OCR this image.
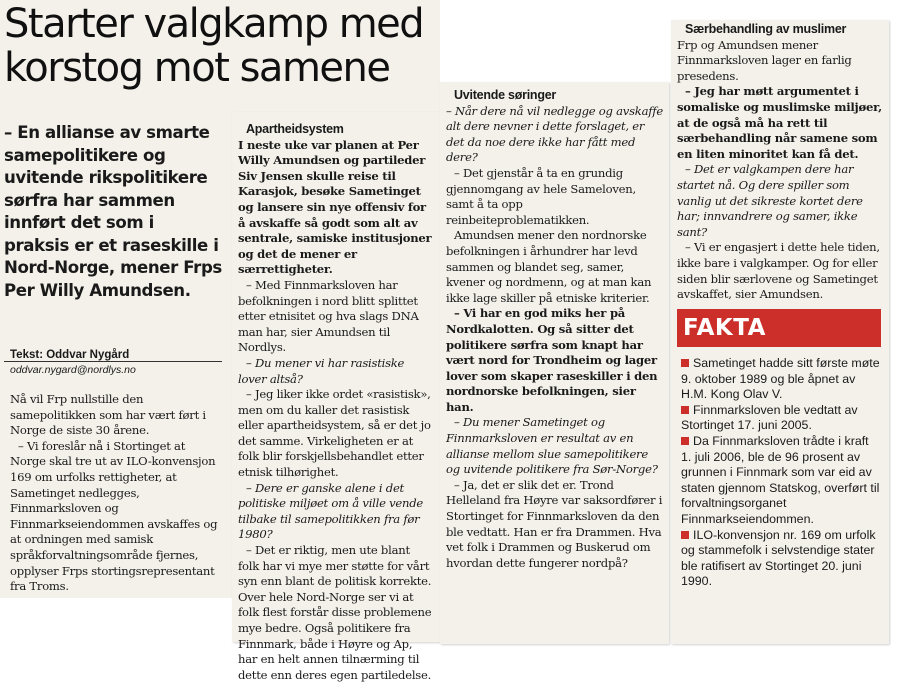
Starter valgkamp med korstog mot samene

– En allianse av smarte samepolitikere og uvitende rikspolitikere sørfra har sammen innført det som i praksis er et raseskille i Nord-Norge, mener Frps Per Willy Amundsen.

Tekst: Oddvar Nygård
oddvar.nygard@nordlys.no

Nå vil Frp nullstille den samepolitikken som har vært ført i Norge de siste 30 årene.

– Vi foreslår nå i Stortinget at Norge skal tre ut av ILO-konvensjon 169 om urfolks rettigheter, at Sametinget nedlegges, Finnmarksloven og Finnmarkseiendommen avskaffes og at ordningen med samisk språkforvaltningsområde fjernes, opplyser Frps stortingsrepresentant fra Troms.

Apartheidsystem

I neste uke var planen at Per Willy Amundsen og partileder Siv Jensen skulle reise til Karasjok, besøke Sametinget og lansere sin nye offensiv for å avskaffe så godt som alt av sentrale, samiske institusjoner og det de mener er særrettigheter.

– Med Finnmarksloven har befolkningen i nord blitt splittet etter etnisitet og hva slags DNA man har, sier Amundsen til Nordlys.

– Du mener vi har rasistiske lover altså?

– Jeg liker ikke ordet «rasistisk», men om du kaller det rasistisk eller apartheidsystem, så er det jo det samme. Virkeligheten er at folk blir forskjellsbehandlet etter etnisk tilhørighet.

– Dere er ganske alene i det politiske miljøet om å ville vende tilbake til samepolitikken fra før 1980?

– Det er riktig, men ute blant folk har vi mye mer støtte for vårt syn enn blant de politisk korrekte. Over hele Nord-Norge ser vi at folk flest forstår disse problemene mye bedre. Også politikere fra Finnmark, både i Høyre og Ap, har en helt annen tilnærming til dette enn deres egen partiledelse.

Uvitende søringer

– Når dere nå vil nedlegge og avskaffe alt dere nevner i dette forslaget, er det da noe dere ikke har fått med dere?

– Det gjenstår å ta en grundig gjennomgang av hele Sameloven, samt å ta opp reinbeiteproblematikken.

Amundsen mener den nordnorske befolkningen i århundrer har levd sammen og blandet seg, samer, kvener og nordmenn, og at man kan ikke lage skiller på etniske kriterier.

– Vi har en god miks her på Nordkalotten. Og så sitter det politikere sørfra som knapt har vært nord for Trondheim og lager lover som skaper raseskiller i den nordnorske befolkningen, sier han.

– Du mener Sametinget og Finnmarksloven er resultat av en allianse mellom slue samepolitikere og uvitende politikere fra Sør-Norge?

– Ja, det er slik det er. Trond Helleland fra Høyre var saksordfører i Stortinget for Finnmarksloven da den ble vedtatt. Han er fra Drammen. Hva vet folk i Drammen og Buskerud om hvordan dette fungerer nordpå?

Særbehandling av muslimer

Frp og Amundsen mener Finnmarksloven lager en farlig presedens.

– Jeg har møtt argumentet i somaliske og muslimske miljøer, at de også må ha rett til særbehandling når samene som en liten minoritet kan få det.

– Det er valgkampen dere har startet nå. Og dere spiller som vanlig ut det sikreste kortet dere har; innvandrere og samer, ikke sant?

– Vi er engasjert i dette hele tiden, ikke bare i valgkamper. Og for eller siden blir særlovene og Sametinget avskaffet, sier Amundsen.

FAKTA
Sametinget hadde sitt første møte 9. oktober 1989 og ble åpnet av H.M. Kong Olav V.
Finnmarksloven ble vedtatt av Stortinget 17. juni 2005.
Da Finnmarksloven trådte i kraft 1. juli 2006, ble de 96 prosent av grunnen i Finnmark som var eid av staten gjennom Statskog, overført til forvaltningsorganet Finnmarkseiendommen.
ILO-konvensjon nr. 169 om urfolk og stammefolk i selvstendige stater ble ratifisert av Stortinget 20. juni 1990.
